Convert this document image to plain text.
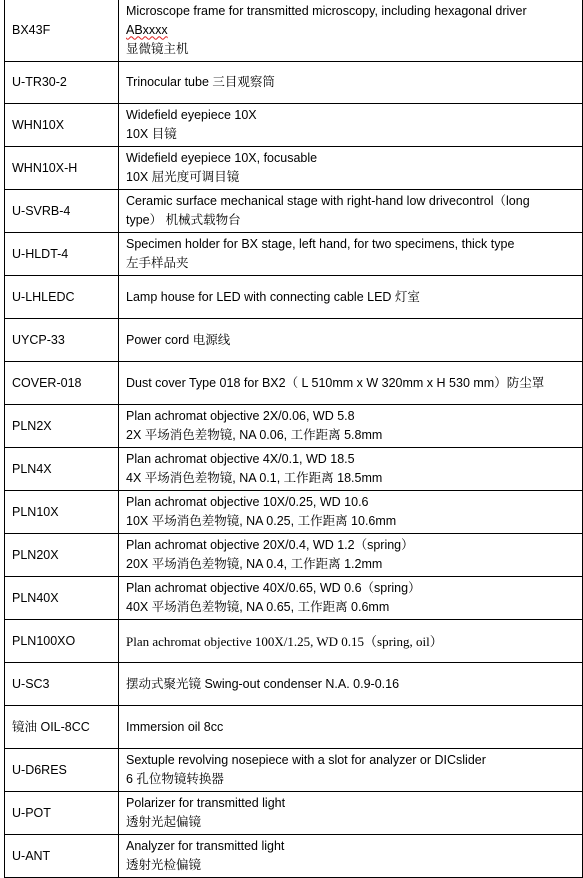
BX43F	Microscope frame for transmitted microscopy, including hexagonal driver
ABxxxx
显微镜主机

U-TR30-2	Trinocular tube 三目观察筒

WHN10X	Widefield eyepiece 10X
10X 目镜

WHN10X-H	Widefield eyepiece 10X, focusable
10X 屈光度可调目镜

U-SVRB-4	Ceramic surface mechanical stage with right-hand low drivecontrol（long
type） 机械式载物台

U-HLDT-4	Specimen holder for BX stage, left hand, for two specimens, thick type
左手样品夹

U-LHLEDC	Lamp house for LED with connecting cable LED 灯室

UYCP-33	Power cord 电源线

COVER-018	Dust cover Type 018 for BX2（ L 510mm x W 320mm x H 530 mm）防尘罩

PLN2X	Plan achromat objective 2X/0.06, WD 5.8
2X 平场消色差物镜, NA 0.06, 工作距离 5.8mm

PLN4X	Plan achromat objective 4X/0.1, WD 18.5
4X 平场消色差物镜, NA 0.1, 工作距离 18.5mm

PLN10X	Plan achromat objective 10X/0.25, WD 10.6
10X 平场消色差物镜, NA 0.25, 工作距离 10.6mm

PLN20X	Plan achromat objective 20X/0.4, WD 1.2（spring）
20X 平场消色差物镜, NA 0.4, 工作距离 1.2mm

PLN40X	Plan achromat objective 40X/0.65, WD 0.6（spring）
40X 平场消色差物镜, NA 0.65, 工作距离 0.6mm

PLN100XO	Plan achromat objective 100X/1.25, WD 0.15（spring, oil）

U-SC3	摆动式聚光镜 Swing-out condenser N.A. 0.9-0.16

镜油 OIL-8CC	Immersion oil 8cc

U-D6RES	Sextuple revolving nosepiece with a slot for analyzer or DICslider
6 孔位物镜转换器

U-POT	Polarizer for transmitted light
透射光起偏镜

U-ANT	Analyzer for transmitted light
透射光检偏镜
